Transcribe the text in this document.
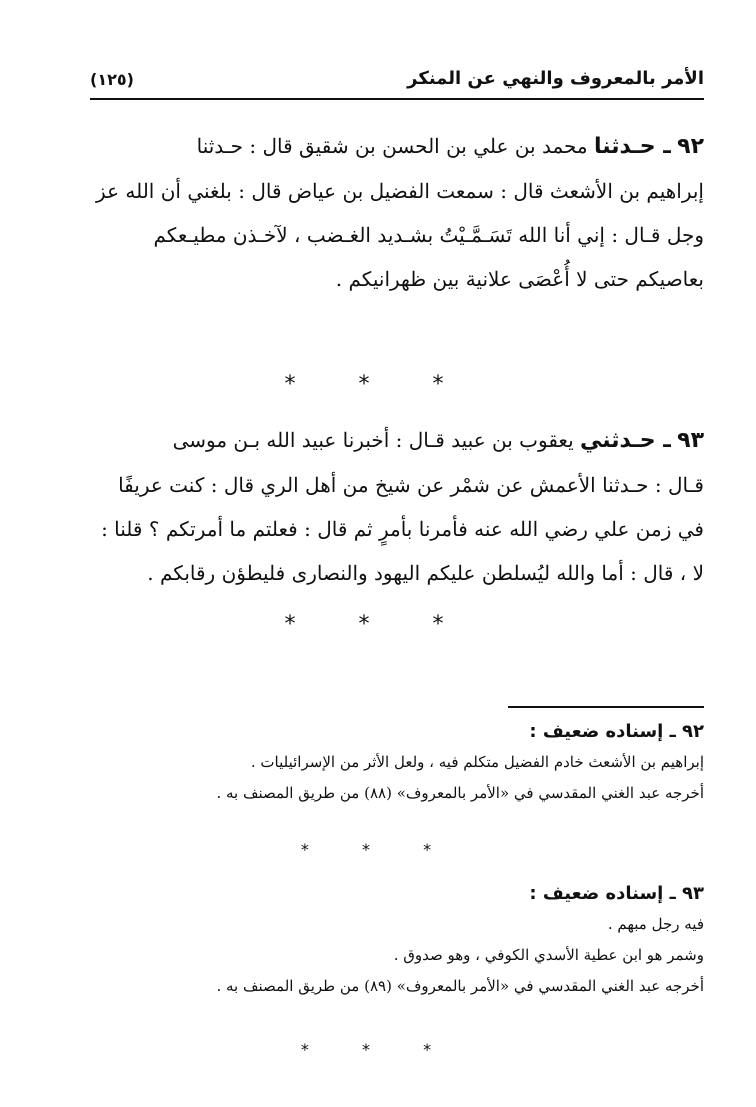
الأمر بالمعروف والنهي عن المنكر
(١٢٥)
٩٢ ـ حـدثنا محمد بن علي بن الحسن بن شقيق قال : حـدثنا
إبراهيم بن الأشعث قال : سمعت الفضيل بن عياض قال : بلغني أن الله عز
وجل قـال : إني أنا الله تَسَـمَّـيْتُ بشـديد الغـضب ، لآخـذن مطيـعكم
بعاصيكم حتى لا أُعْصَى علانية بين ظهرانيكم .
* * *
٩٣ ـ حـدثني يعقوب بن عبيد قـال : أخبرنا عبيد الله بـن موسى
قـال : حـدثنا الأعمش عن شمْر عن شيخ من أهل الري قال : كنت عريفًا
في زمن علي رضي الله عنه فأمرنا بأمرٍ ثم قال : فعلتم ما أمرتكم ؟ قلنا :
لا ، قال : أما والله ليُسلطن عليكم اليهود والنصارى فليطؤن رقابكم .
* * *
٩٢ ـ إسناده ضعيف :
إبراهيم بن الأشعث خادم الفضيل متكلم فيه ، ولعل الأثر من الإسرائيليات .
أخرجه عبد الغني المقدسي في «الأمر بالمعروف» (٨٨) من طريق المصنف به .
* * *
٩٣ ـ إسناده ضعيف :
فيه رجل مبهم .
وشمر هو ابن عطية الأسدي الكوفي ، وهو صدوق .
أخرجه عبد الغني المقدسي في «الأمر بالمعروف» (٨٩) من طريق المصنف به .
* * *
